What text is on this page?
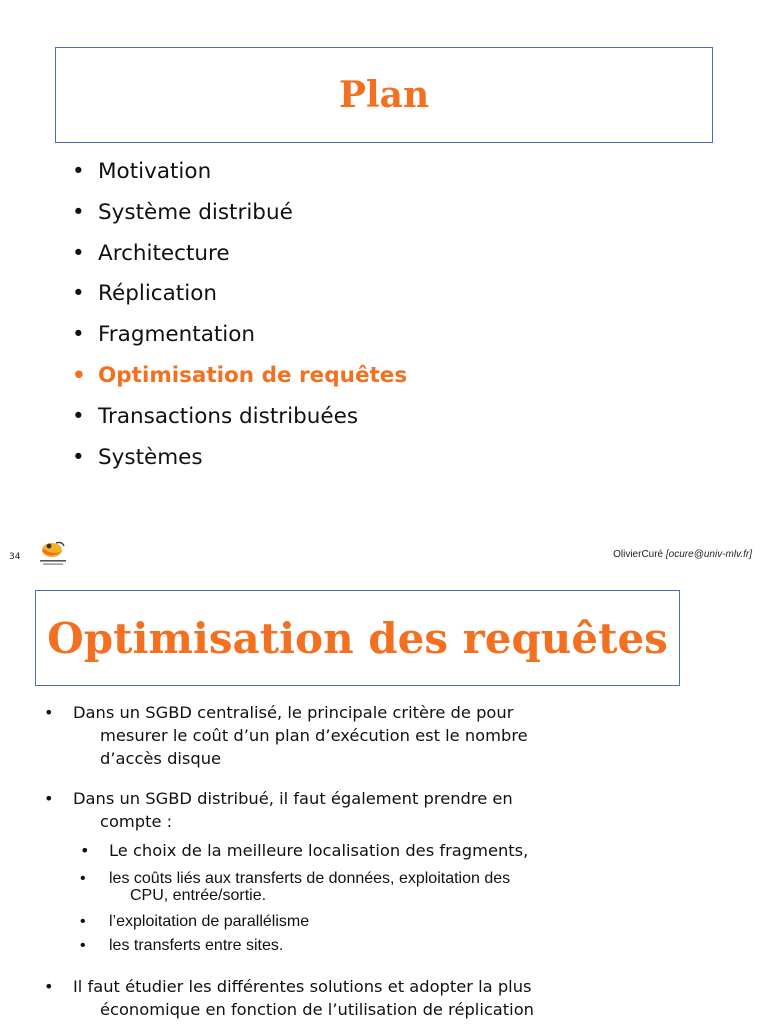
Plan
• Motivation
• Système distribué
• Architecture
• Réplication
• Fragmentation
• Optimisation de requêtes
• Transactions distribuées
• Systèmes
34	OlivierCuré [ocure@univ-mlv.fr]
Optimisation des requêtes
• Dans un SGBD centralisé, le principale critère de pour
mesurer le coût d’un plan d’exécution est le nombre
d’accès disque
• Dans un SGBD distribué, il faut également prendre en
compte :
• Le choix de la meilleure localisation des fragments,
• les coûts liés aux transferts de données, exploitation des
CPU, entrée/sortie.
• l’exploitation de parallélisme
• les transferts entre sites.
• Il faut étudier les différentes solutions et adopter la plus
économique en fonction de l’utilisation de réplication
